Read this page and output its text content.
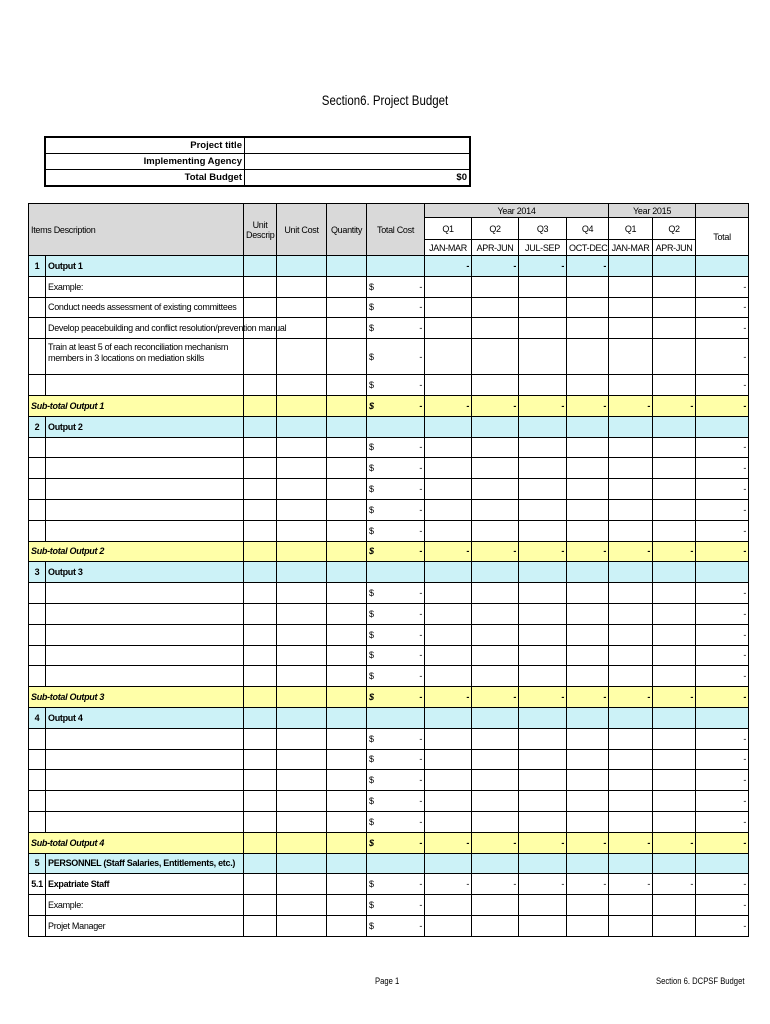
Section6. Project Budget
Project title	
Implementing Agency	
Total Budget	$0
Items Description		Unit Descrip	Unit Cost	Quantity	Total Cost	Year 2014				Year 2015		
						Q1	Q2	Q3	Q4	Q1	Q2	Total
						JAN-MAR	APR-JUN	JUL-SEP	OCT-DEC	JAN-MAR	APR-JUN	
1	Output 1					-	-	-	-			
	Example:				$ -							-
	Conduct needs assessment of existing committees				$ -							-
	Develop peacebuilding and conflict resolution/prevention manual				$ -							-
	Train at least 5 of each reconciliation mechanism members in 3 locations on mediation skills				$ -							-

					$ -							-
Sub-total Output 1					$ -	-	-	-	-	-	-	-
2	Output 2											

					$ -							-

					$ -							-

					$ -							-

					$ -							-

					$ -							-
Sub-total Output 2					$ -	-	-	-	-	-	-	-
3	Output 3											

					$ -							-

					$ -							-

					$ -							-

					$ -							-

					$ -							-
Sub-total Output 3					$ -	-	-	-	-	-	-	-
4	Output 4											

					$ -							-

					$ -							-

					$ -							-

					$ -							-

					$ -							-
Sub-total Output 4					$ -	-	-	-	-	-	-	-
5	PERSONNEL (Staff Salaries, Entitlements, etc.)											
5.1	Expatriate Staff				$ -	-	-	-	-	-	-	-
	Example:				$ -							-
	Projet Manager				$ -							-
Page 1	Section 6. DCPSF Budget
